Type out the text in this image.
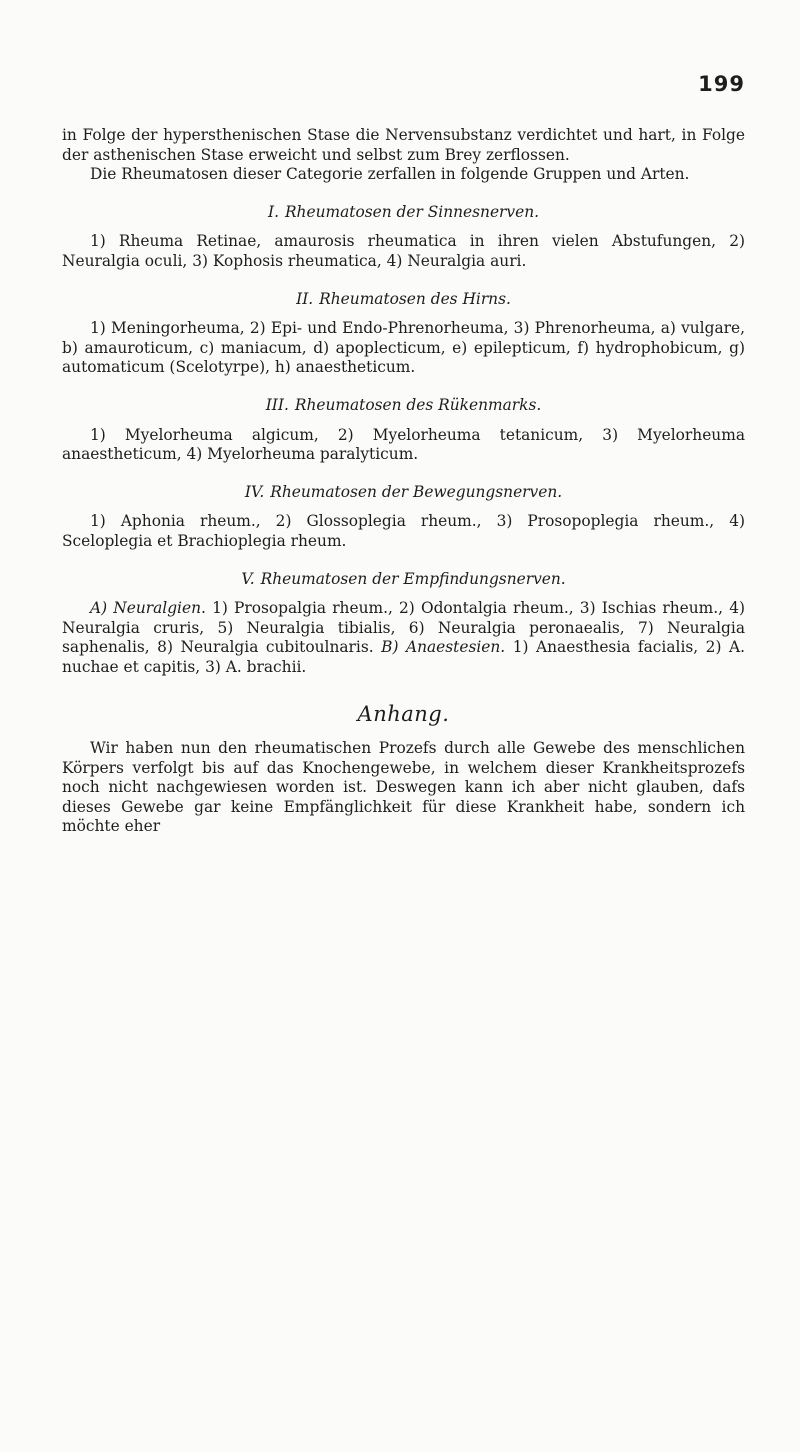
199

in Folge der hypersthenischen Stase die Nervensubstanz verdichtet und hart, in Folge der asthenischen Stase erweicht und selbst zum Brey zerflossen.

Die Rheumatosen dieser Categorie zerfallen in folgende Gruppen und Arten.

I. Rheumatosen der Sinnesnerven.

1) Rheuma Retinae, amaurosis rheumatica in ihren vielen Abstufungen, 2) Neuralgia oculi, 3) Kophosis rheumatica, 4) Neuralgia auri.

II. Rheumatosen des Hirns.

1) Meningorheuma, 2) Epi- und Endo-Phrenorheuma, 3) Phrenorheuma, a) vulgare, b) amauroticum, c) maniacum, d) apoplecticum, e) epilepticum, f) hydrophobicum, g) automaticum (Scelotyrpe), h) anaestheticum.

III. Rheumatosen des Rükenmarks.

1) Myelorheuma algicum, 2) Myelorheuma tetanicum, 3) Myelorheuma anaestheticum, 4) Myelorheuma paralyticum.

IV. Rheumatosen der Bewegungsnerven.

1) Aphonia rheum., 2) Glossoplegia rheum., 3) Prosopoplegia rheum., 4) Sceloplegia et Brachioplegia rheum.

V. Rheumatosen der Empfindungsnerven.

A) Neuralgien. 1) Prosopalgia rheum., 2) Odontalgia rheum., 3) Ischias rheum., 4) Neuralgia cruris, 5) Neuralgia tibialis, 6) Neuralgia peronaealis, 7) Neuralgia saphenalis, 8) Neuralgia cubitoulnaris. B) Anaestesien. 1) Anaesthesia facialis, 2) A. nuchae et capitis, 3) A. brachii.

Anhang.

Wir haben nun den rheumatischen Prozefs durch alle Gewebe des menschlichen Körpers verfolgt bis auf das Knochengewebe, in welchem dieser Krankheitsprozefs noch nicht nachgewiesen worden ist. Deswegen kann ich aber nicht glauben, dafs dieses Gewebe gar keine Empfänglichkeit für diese Krankheit habe, sondern ich möchte eher
